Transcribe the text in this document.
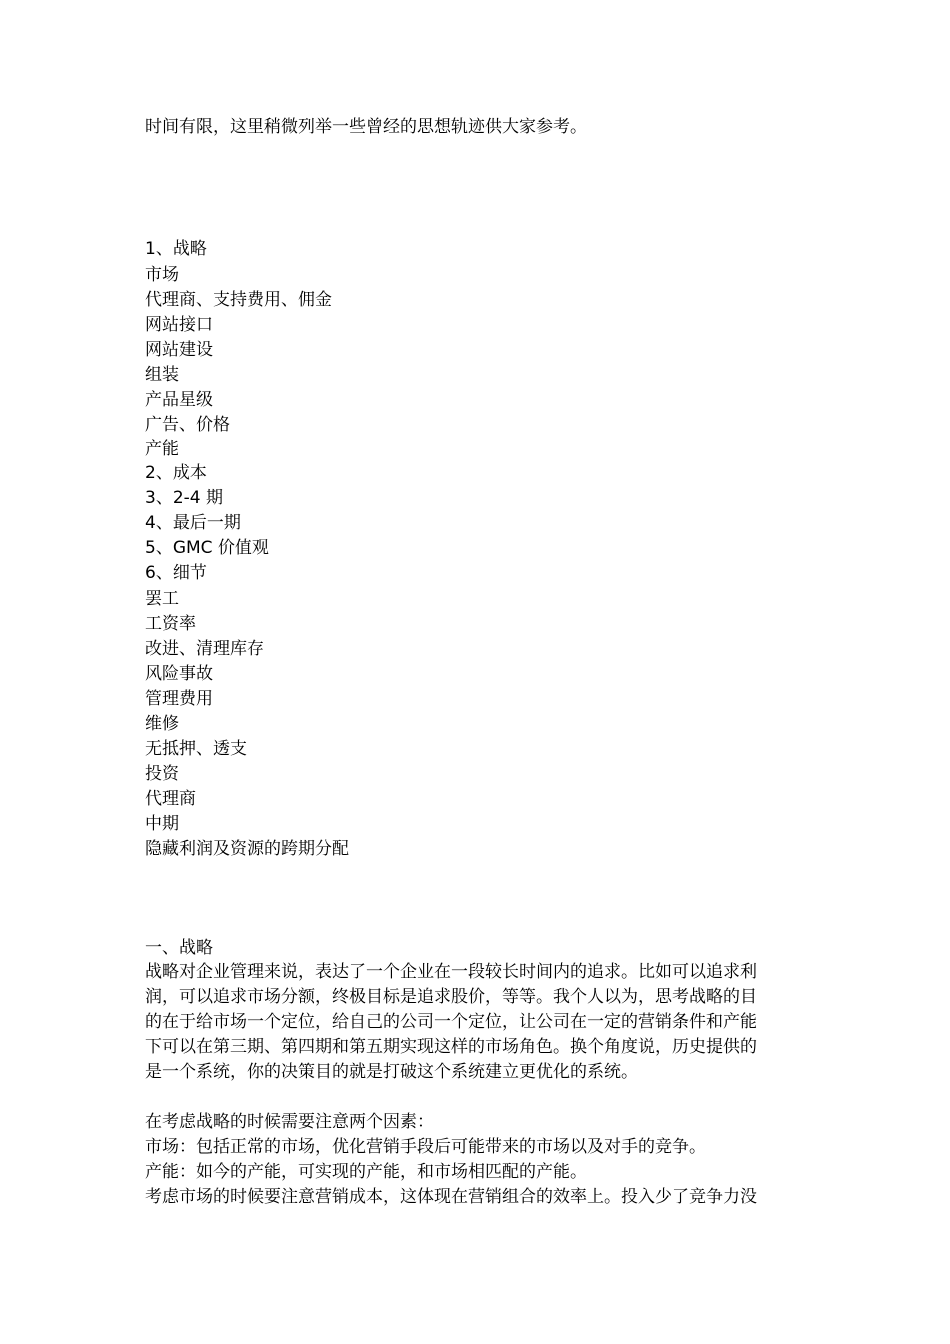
时间有限，这里稍微列举一些曾经的思想轨迹供大家参考。
1、战略
市场
代理商、支持费用、佣金
网站接口
网站建设
组装
产品星级
广告、价格
产能
2、成本
3、2-4 期
4、最后一期
5、GMC 价值观
6、细节
罢工
工资率
改进、清理库存
风险事故
管理费用
维修
无抵押、透支
投资
代理商
中期
隐藏利润及资源的跨期分配
一、战略
战略对企业管理来说，表达了一个企业在一段较长时间内的追求。比如可以追求利
润，可以追求市场分额，终极目标是追求股价，等等。我个人以为，思考战略的目
的在于给市场一个定位，给自己的公司一个定位，让公司在一定的营销条件和产能
下可以在第三期、第四期和第五期实现这样的市场角色。换个角度说，历史提供的
是一个系统，你的决策目的就是打破这个系统建立更优化的系统。
在考虑战略的时候需要注意两个因素：
市场：包括正常的市场，优化营销手段后可能带来的市场以及对手的竞争。
产能：如今的产能，可实现的产能，和市场相匹配的产能。
考虑市场的时候要注意营销成本，这体现在营销组合的效率上。投入少了竞争力没
